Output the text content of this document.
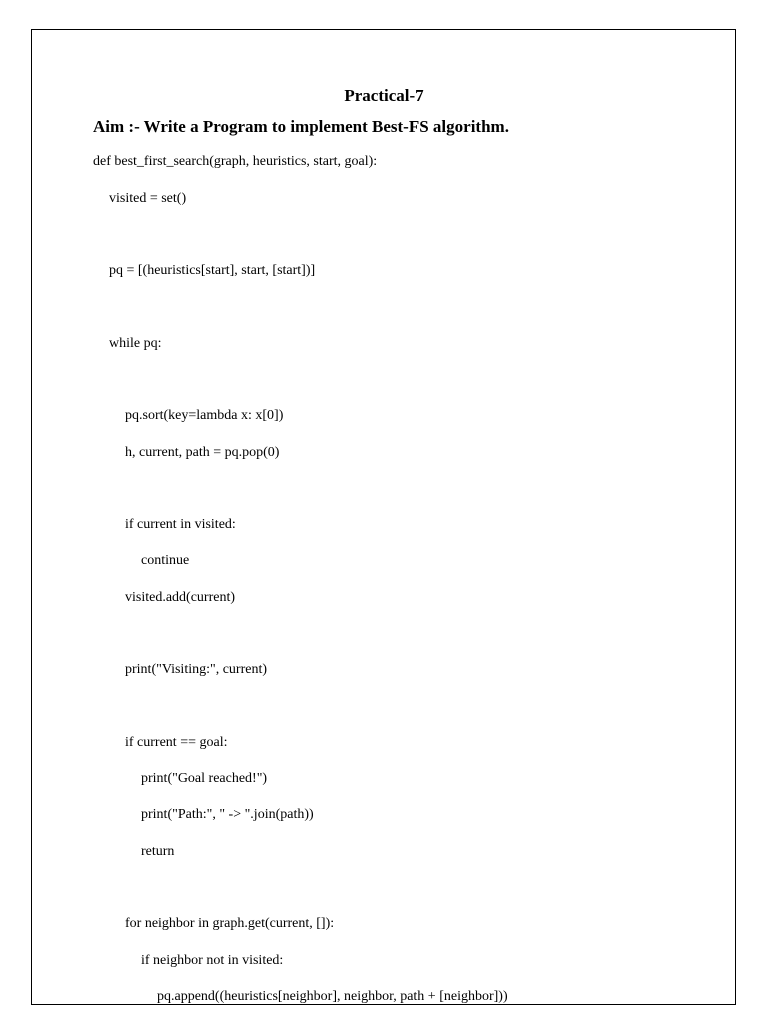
Practical-7
Aim :- Write a Program to implement Best-FS algorithm.
def best_first_search(graph, heuristics, start, goal):
visited = set()
pq = [(heuristics[start], start, [start])]
while pq:
pq.sort(key=lambda x: x[0])
h, current, path = pq.pop(0)
if current in visited:
continue
visited.add(current)
print("Visiting:", current)
if current == goal:
print("Goal reached!")
print("Path:", " -> ".join(path))
return
for neighbor in graph.get(current, []):
if neighbor not in visited:
pq.append((heuristics[neighbor], neighbor, path + [neighbor]))
